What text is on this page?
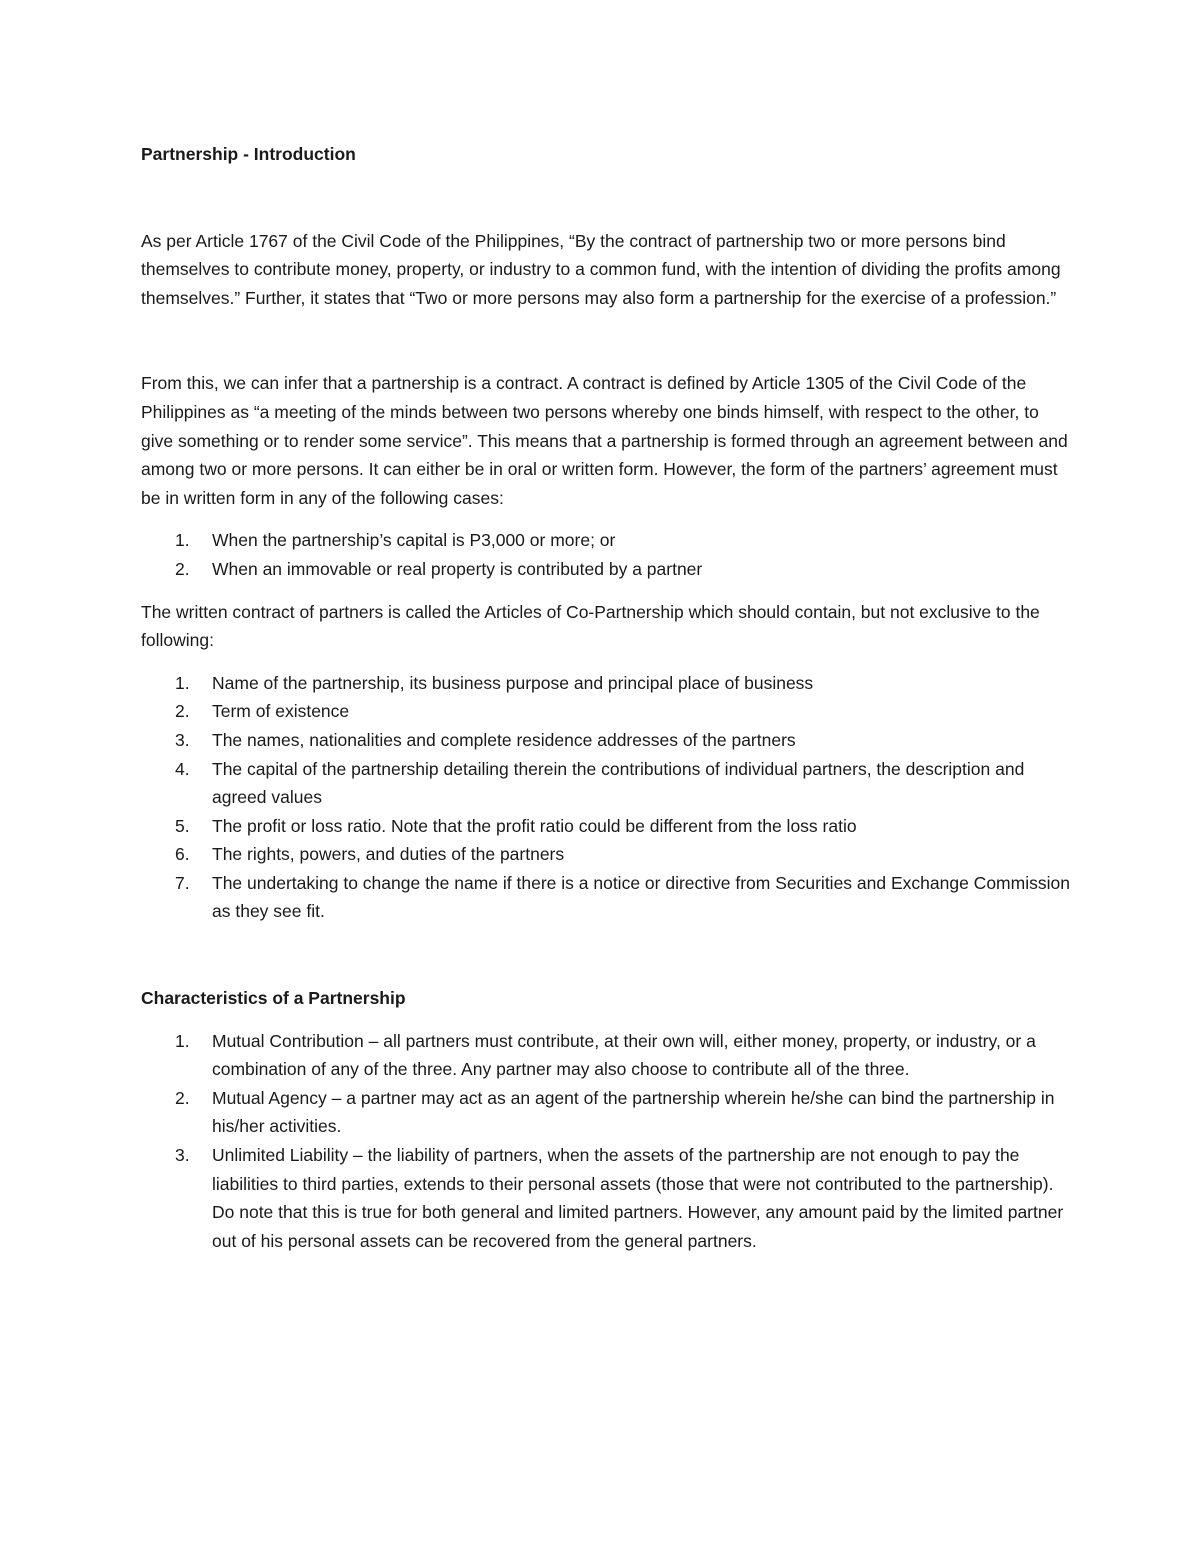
Partnership - Introduction

As per Article 1767 of the Civil Code of the Philippines, “By the contract of partnership two or more persons bind themselves to contribute money, property, or industry to a common fund, with the intention of dividing the profits among themselves.” Further, it states that “Two or more persons may also form a partnership for the exercise of a profession.”

From this, we can infer that a partnership is a contract. A contract is defined by Article 1305 of the Civil Code of the Philippines as “a meeting of the minds between two persons whereby one binds himself, with respect to the other, to give something or to render some service”. This means that a partnership is formed through an agreement between and among two or more persons. It can either be in oral or written form. However, the form of the partners’ agreement must be in written form in any of the following cases:

1. When the partnership’s capital is P3,000 or more; or
2. When an immovable or real property is contributed by a partner

The written contract of partners is called the Articles of Co-Partnership which should contain, but not exclusive to the following:

1. Name of the partnership, its business purpose and principal place of business
2. Term of existence
3. The names, nationalities and complete residence addresses of the partners
4. The capital of the partnership detailing therein the contributions of individual partners, the description and agreed values
5. The profit or loss ratio. Note that the profit ratio could be different from the loss ratio
6. The rights, powers, and duties of the partners
7. The undertaking to change the name if there is a notice or directive from Securities and Exchange Commission as they see fit.

Characteristics of a Partnership

1. Mutual Contribution – all partners must contribute, at their own will, either money, property, or industry, or a combination of any of the three. Any partner may also choose to contribute all of the three.
2. Mutual Agency – a partner may act as an agent of the partnership wherein he/she can bind the partnership in his/her activities.
3. Unlimited Liability – the liability of partners, when the assets of the partnership are not enough to pay the liabilities to third parties, extends to their personal assets (those that were not contributed to the partnership). Do note that this is true for both general and limited partners. However, any amount paid by the limited partner out of his personal assets can be recovered from the general partners.
